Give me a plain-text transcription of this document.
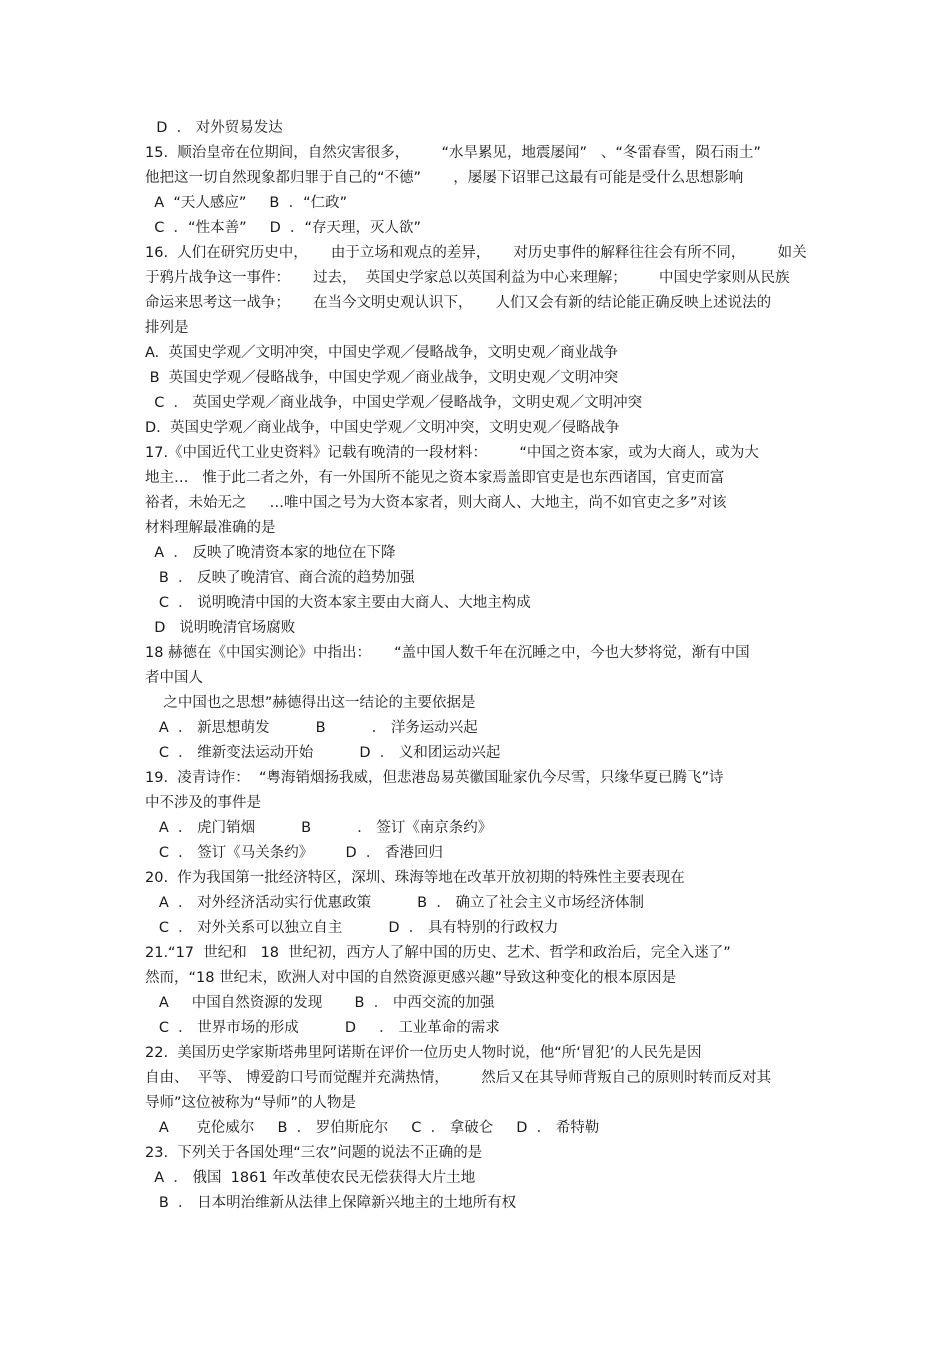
D  ． 对外贸易发达
15.  顺治皇帝在位期间，自然灾害很多，       “水旱累见，地震屡闻”   、“冬雷春雪，陨石雨土”
他把这一切自然现象都归罪于自己的“不德”       ，屡屡下诏罪己这最有可能是受什么思想影响
A  “天人感应”     B  ．“仁政”
C  ．“性本善”     D  ．“存天理，灭人欲”
16.  人们在研究历史中，     由于立场和观点的差异，     对历史事件的解释往往会有所不同，       如关
于鸦片战争这一事件：     过去，  英国史学家总以英国利益为中心来理解；       中国史学家则从民族
命运来思考这一战争；     在当今文明史观认识下，     人们又会有新的结论能正确反映上述说法的
排列是
A.  英国史学观／文明冲突，中国史学观／侵略战争，文明史观／商业战争
B  英国史学观／侵略战争，中国史学观／商业战争，文明史观／文明冲突
C  ． 英国史学观／商业战争，中国史学观／侵略战争，文明史观／文明冲突
D.  英国史学观／商业战争，中国史学观／文明冲突，文明史观／侵略战争
17.《中国近代工业史资料》记载有晚清的一段材料：       “中国之资本家，或为大商人，或为大
地主…   惟于此二者之外，有一外国所不能见之资本家焉盖即官吏是也东西诸国，官吏而富
裕者，未始无之     …唯中国之号为大资本家者，则大商人、大地主，尚不如官吏之多”对该
材料理解最准确的是
A  ． 反映了晚清资本家的地位在下降
B  ． 反映了晚清官、商合流的趋势加强
C  ． 说明晚清中国的大资本家主要由大商人、大地主构成
D   说明晚清官场腐败
18 赫德在《中国实测论》中指出：     “盖中国人数千年在沉睡之中，今也大梦将觉，渐有中国
者中国人
之中国也之思想”赫德得出这一结论的主要依据是
A  ． 新思想萌发          B          ． 洋务运动兴起
C  ． 维新变法运动开始          D  ． 义和团运动兴起
19.  凌青诗作：  “粤海销烟扬我威，但悲港岛易英徽国耻家仇今尽雪，只缘华夏已腾飞”诗
中不涉及的事件是
A  ． 虎门销烟          B          ． 签订《南京条约》
C  ． 签订《马关条约》       D  ． 香港回归
20.  作为我国第一批经济特区，深圳、珠海等地在改革开放初期的特殊性主要表现在
A  ． 对外经济活动实行优惠政策          B  ． 确立了社会主义市场经济体制
C  ． 对外关系可以独立自主          D  ． 具有特别的行政权力
21.“17  世纪和   18  世纪初，西方人了解中国的历史、艺术、哲学和政治后，完全入迷了”
然而，“18 世纪末，欧洲人对中国的自然资源更感兴趣”导致这种变化的根本原因是
A     中国自然资源的发现       B  ． 中西交流的加强
C  ． 世界市场的形成          D     ． 工业革命的需求
22.  美国历史学家斯塔弗里阿诺斯在评价一位历史人物时说，他“所‘冒犯’的人民先是因
自由、  平等、 博爱韵口号而觉醒并充满热情，       然后又在其导师背叛自己的原则时转而反对其
导师”这位被称为“导师”的人物是
A      克伦威尔     B  ． 罗伯斯庇尔     C  ． 拿破仑     D  ． 希特勒
23.  下列关于各国处理“三农”问题的说法不正确的是
A  ． 俄国  1861 年改革使农民无偿获得大片土地
B  ． 日本明治维新从法律上保障新兴地主的土地所有权
